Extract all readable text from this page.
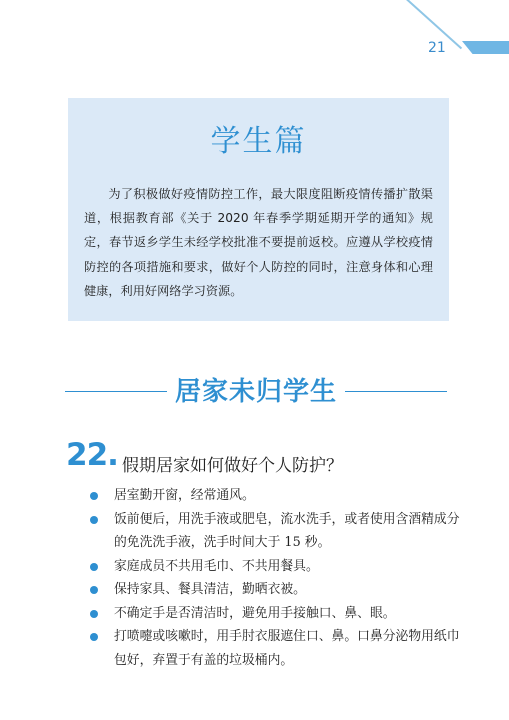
21
学生篇
为了积极做好疫情防控工作，最大限度阻断疫情传播扩散渠道，根据教育部《关于 2020 年春季学期延期开学的通知》规定，春节返乡学生未经学校批准不要提前返校。应遵从学校疫情防控的各项措施和要求，做好个人防控的同时，注意身体和心理健康，利用好网络学习资源。
居家未归学生
22. 假期居家如何做好个人防护？
居室勤开窗，经常通风。
饭前便后，用洗手液或肥皂，流水洗手，或者使用含酒精成分的免洗洗手液，洗手时间大于 15 秒。
家庭成员不共用毛巾、不共用餐具。
保持家具、餐具清洁，勤晒衣被。
不确定手是否清洁时，避免用手接触口、鼻、眼。
打喷嚏或咳嗽时，用手肘衣服遮住口、鼻。口鼻分泌物用纸巾包好，弃置于有盖的垃圾桶内。
